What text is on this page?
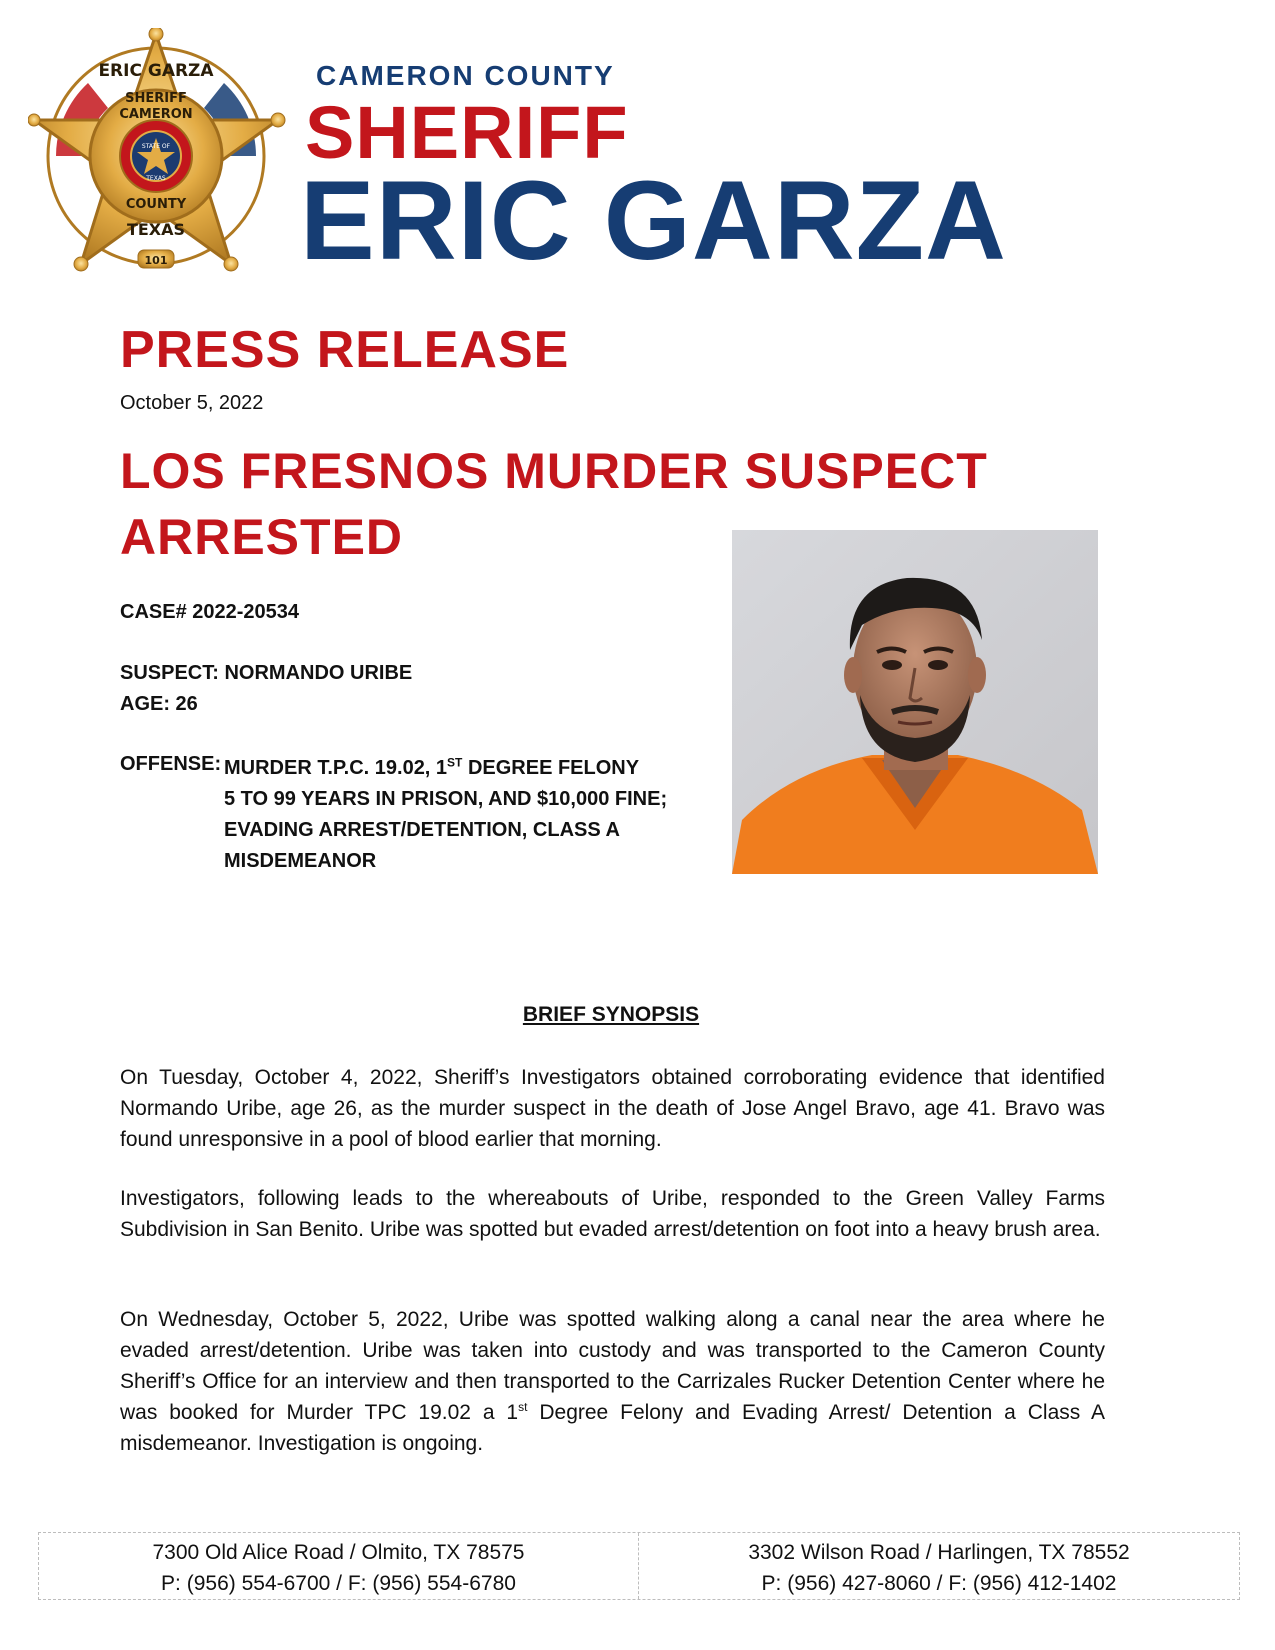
ERIC GARZA
SHERIFF
CAMERON
STATE OF
TEXAS
COUNTY
TEXAS
101
CAMERON COUNTY
SHERIFF
ERIC GARZA
PRESS RELEASE
October 5, 2022
LOS FRESNOS MURDER SUSPECT
ARRESTED
CASE# 2022-20534
SUSPECT: NORMANDO URIBE
AGE: 26
OFFENSE: MURDER T.P.C. 19.02, 1ST DEGREE FELONY
5 TO 99 YEARS IN PRISON, AND $10,000 FINE;
EVADING ARREST/DETENTION, CLASS A
MISDEMEANOR
BRIEF SYNOPSIS
On Tuesday, October 4, 2022, Sheriff’s Investigators obtained corroborating evidence that identified Normando Uribe, age 26, as the murder suspect in the death of Jose Angel Bravo, age 41. Bravo was found unresponsive in a pool of blood earlier that morning.
Investigators, following leads to the whereabouts of Uribe, responded to the Green Valley Farms Subdivision in San Benito. Uribe was spotted but evaded arrest/detention on foot into a heavy brush area.
On Wednesday, October 5, 2022, Uribe was spotted walking along a canal near the area where he evaded arrest/detention. Uribe was taken into custody and was transported to the Cameron County Sheriff’s Office for an interview and then transported to the Carrizales Rucker Detention Center where he was booked for Murder TPC 19.02 a 1st Degree Felony and Evading Arrest/ Detention a Class A misdemeanor. Investigation is ongoing.
7300 Old Alice Road / Olmito, TX 78575
P: (956) 554-6700 / F: (956) 554-6780
3302 Wilson Road / Harlingen, TX 78552
P: (956) 427-8060 / F: (956) 412-1402
